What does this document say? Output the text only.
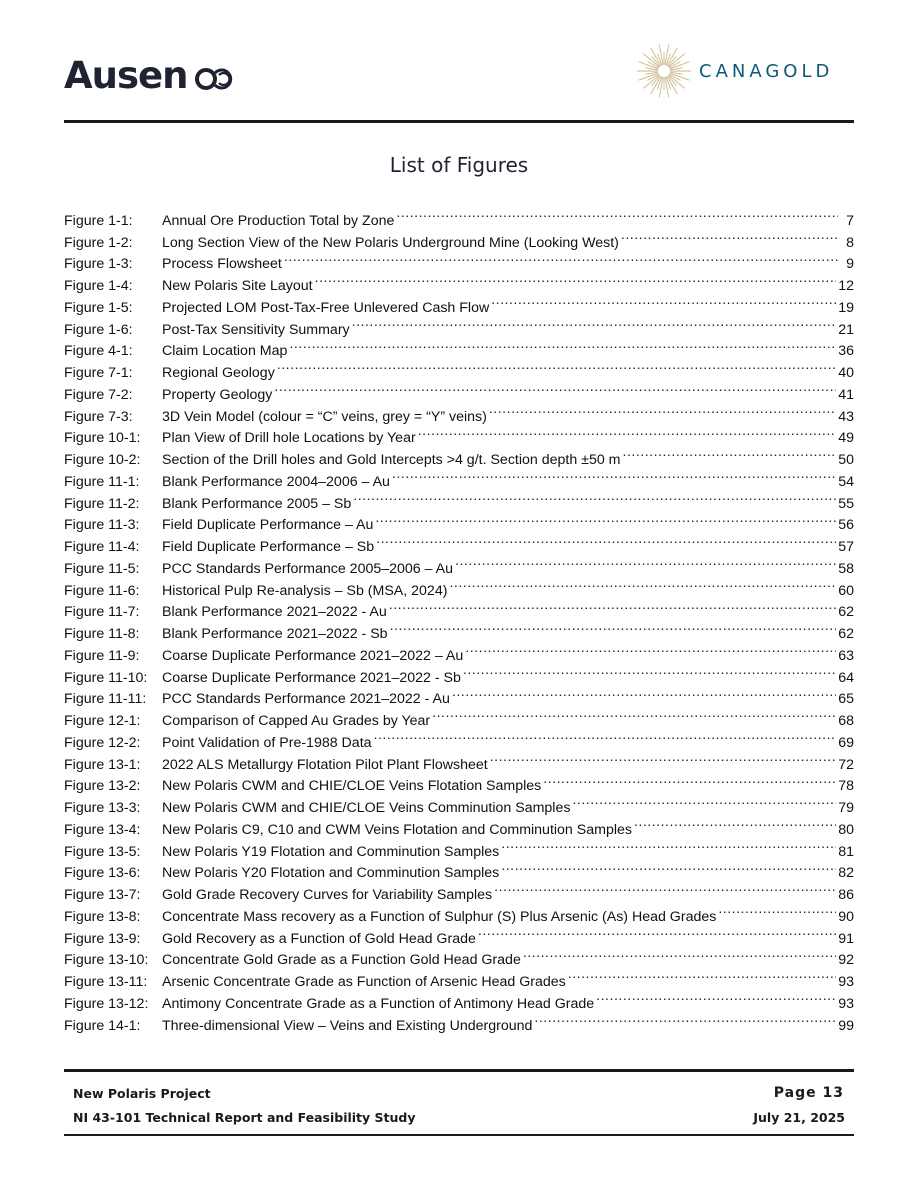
Ausen	CANAGOLD
List of Figures
Figure 1-1:	Annual Ore Production Total by Zone .....	7
Figure 1-2:	Long Section View of the New Polaris Underground Mine (Looking West) .....	8
Figure 1-3:	Process Flowsheet .....	9
Figure 1-4:	New Polaris Site Layout .....	12
Figure 1-5:	Projected LOM Post-Tax-Free Unlevered Cash Flow .....	19
Figure 1-6:	Post-Tax Sensitivity Summary .....	21
Figure 4-1:	Claim Location Map .....	36
Figure 7-1:	Regional Geology .....	40
Figure 7-2:	Property Geology .....	41
Figure 7-3:	3D Vein Model (colour = “C” veins, grey = “Y” veins) .....	43
Figure 10-1:	Plan View of Drill hole Locations by Year .....	49
Figure 10-2:	Section of the Drill holes and Gold Intercepts >4 g/t. Section depth ±50 m .....	50
Figure 11-1:	Blank Performance 2004–2006 – Au .....	54
Figure 11-2:	Blank Performance 2005 – Sb .....	55
Figure 11-3:	Field Duplicate Performance – Au .....	56
Figure 11-4:	Field Duplicate Performance – Sb .....	57
Figure 11-5:	PCC Standards Performance 2005–2006 – Au .....	58
Figure 11-6:	Historical Pulp Re-analysis – Sb (MSA, 2024) .....	60
Figure 11-7:	Blank Performance 2021–2022 - Au .....	62
Figure 11-8:	Blank Performance 2021–2022 - Sb .....	62
Figure 11-9:	Coarse Duplicate Performance 2021–2022 – Au .....	63
Figure 11-10:	Coarse Duplicate Performance 2021–2022 - Sb .....	64
Figure 11-11:	PCC Standards Performance 2021–2022 - Au .....	65
Figure 12-1:	Comparison of Capped Au Grades by Year .....	68
Figure 12-2:	Point Validation of Pre-1988 Data .....	69
Figure 13-1:	2022 ALS Metallurgy Flotation Pilot Plant Flowsheet .....	72
Figure 13-2:	New Polaris CWM and CHIE/CLOE Veins Flotation Samples .....	78
Figure 13-3:	New Polaris CWM and CHIE/CLOE Veins Comminution Samples .....	79
Figure 13-4:	New Polaris C9, C10 and CWM Veins Flotation and Comminution Samples .....	80
Figure 13-5:	New Polaris Y19 Flotation and Comminution Samples .....	81
Figure 13-6:	New Polaris Y20 Flotation and Comminution Samples .....	82
Figure 13-7:	Gold Grade Recovery Curves for Variability Samples .....	86
Figure 13-8:	Concentrate Mass recovery as a Function of Sulphur (S) Plus Arsenic (As) Head Grades .....	90
Figure 13-9:	Gold Recovery as a Function of Gold Head Grade .....	91
Figure 13-10: Concentrate Gold Grade as a Function Gold Head Grade .....	92
Figure 13-11:	Arsenic Concentrate Grade as Function of Arsenic Head Grades .....	93
Figure 13-12: Antimony Concentrate Grade as a Function of Antimony Head Grade .....	93
Figure 14-1:	Three-dimensional View – Veins and Existing Underground .....	99
New Polaris Project
NI 43-101 Technical Report and Feasibility Study
Page 13
July 21, 2025
